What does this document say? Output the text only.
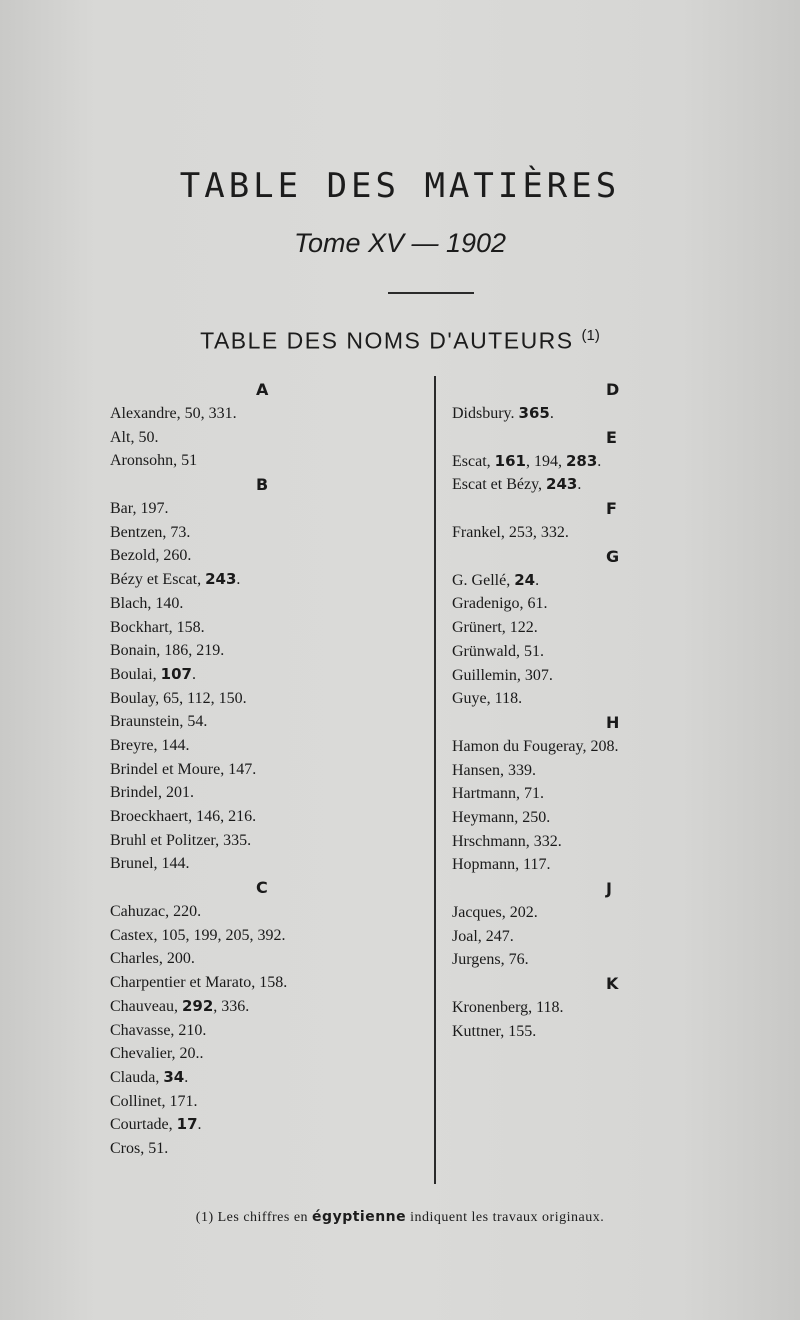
TABLE DES MATIÈRES
Tome XV — 1902
TABLE DES NOMS D'AUTEURS $^{(1)}$
A
Alexandre, 50, 331.
Alt, 50.
Aronsohn, 51
B
Bar, 197.
Bentzen, 73.
Bezold, 260.
Bézy et Escat, 243.
Blach, 140.
Bockhart, 158.
Bonain, 186, 219.
Boulai, 107.
Boulay, 65, 112, 150.
Braunstein, 54.
Breyre, 144.
Brindel et Moure, 147.
Brindel, 201.
Broeckhaert, 146, 216.
Bruhl et Politzer, 335.
Brunel, 144.
C
Cahuzac, 220.
Castex, 105, 199, 205, 392.
Charles, 200.
Charpentier et Marato, 158.
Chauveau, 292, 336.
Chavasse, 210.
Chevalier, 20..
Clauda, 34.
Collinet, 171.
Courtade, 17.
Cros, 51.
D
Didsbury. 365.
E
Escat, 161, 194, 283.
Escat et Bézy, 243.
F
Frankel, 253, 332.
G
G. Gellé, 24.
Gradenigo, 61.
Grünert, 122.
Grünwald, 51.
Guillemin, 307.
Guye, 118.
H
Hamon du Fougeray, 208.
Hansen, 339.
Hartmann, 71.
Heymann, 250.
Hrschmann, 332.
Hopmann, 117.
J
Jacques, 202.
Joal, 247.
Jurgens, 76.
K
Kronenberg, 118.
Kuttner, 155.
(1) Les chiffres en égyptienne indiquent les travaux originaux.
